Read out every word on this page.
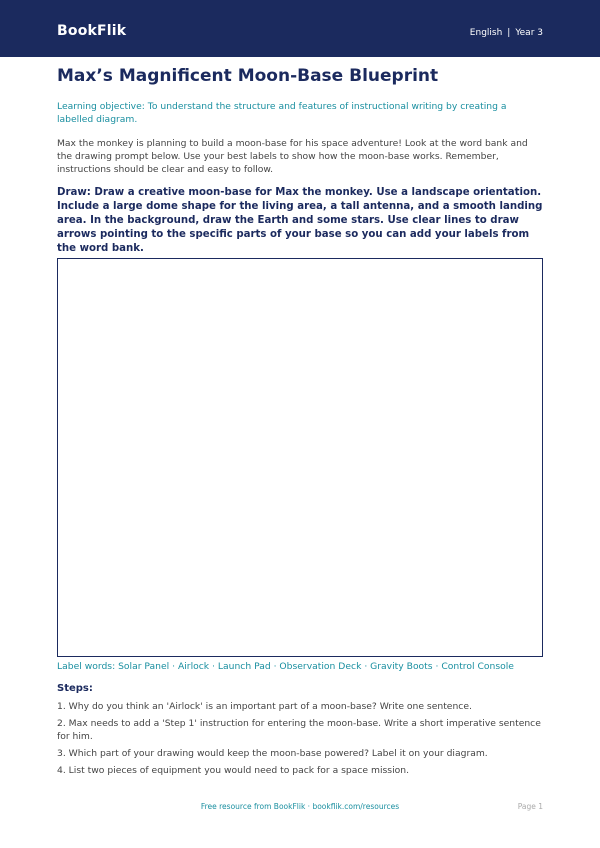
BookFlik	English | Year 3
Max’s Magnificent Moon-Base Blueprint
Learning objective: To understand the structure and features of instructional writing by creating a labelled diagram.
Max the monkey is planning to build a moon-base for his space adventure! Look at the word bank and the drawing prompt below. Use your best labels to show how the moon-base works. Remember, instructions should be clear and easy to follow.
Draw: Draw a creative moon-base for Max the monkey. Use a landscape orientation. Include a large dome shape for the living area, a tall antenna, and a smooth landing area. In the background, draw the Earth and some stars. Use clear lines to draw arrows pointing to the specific parts of your base so you can add your labels from the word bank.
Label words: Solar Panel · Airlock · Launch Pad · Observation Deck · Gravity Boots · Control Console
Steps:
1. Why do you think an 'Airlock' is an important part of a moon-base? Write one sentence.
2. Max needs to add a 'Step 1' instruction for entering the moon-base. Write a short imperative sentence for him.
3. Which part of your drawing would keep the moon-base powered? Label it on your diagram.
4. List two pieces of equipment you would need to pack for a space mission.
Free resource from BookFlik · bookflik.com/resources	Page 1
